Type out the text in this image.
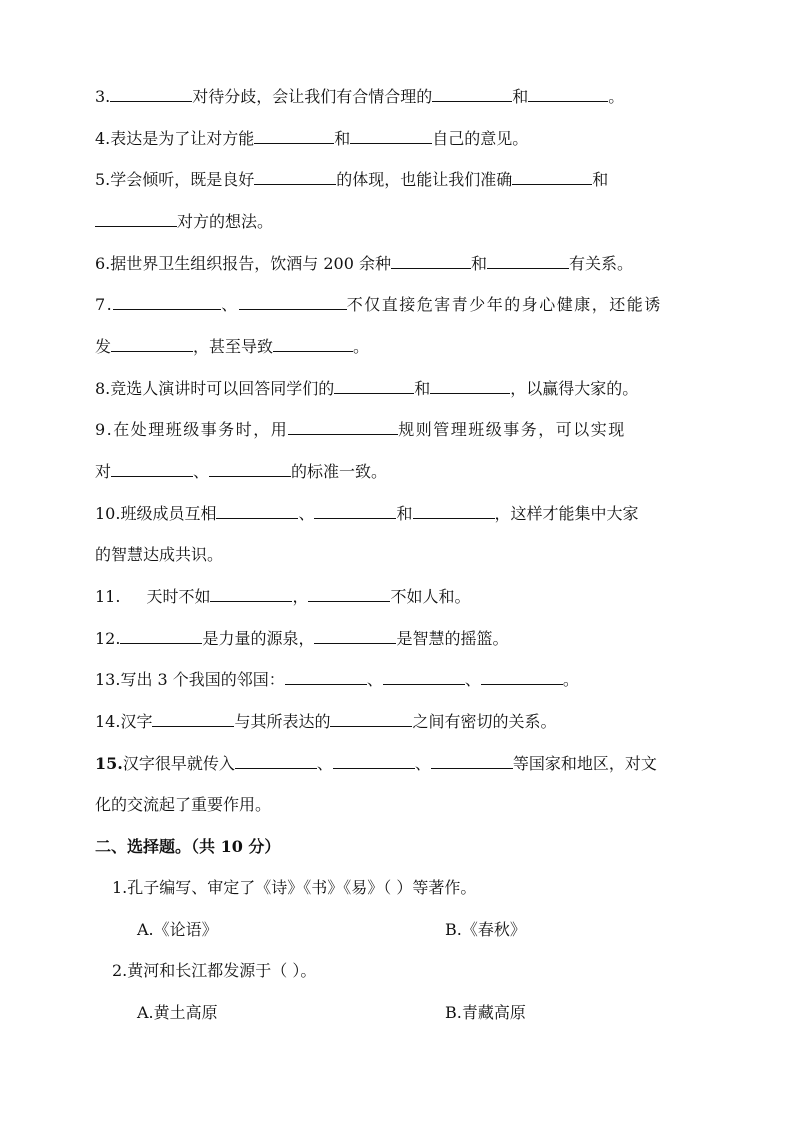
3.	对待分歧，会让我们有合情合理的	和	。
4.表达是为了让对方能	和	自己的意见。
5.学会倾听，既是良好	的体现，也能让我们准确	和
对方的想法。
6.据世界卫生组织报告，饮酒与 200 余种	和	有关系。
7.	、	不仅直接危害青少年的身心健康，还能诱
发	，甚至导致	。
8.竞选人演讲时可以回答同学们的	和	，以赢得大家的。
9.在处理班级事务时，用	规则管理班级事务，可以实现
对	、	的标准一致。
10.班级成员互相	、	和	，这样才能集中大家
的智慧达成共识。
11. 天时不如	，	不如人和。
12.	是力量的源泉，	是智慧的摇篮。
13.写出 3 个我国的邻国：	、	、	。
14.汉字	与其所表达的	之间有密切的关系。
15.汉字很早就传入	、	、	等国家和地区，对文
化的交流起了重要作用。
二、选择题。（共 10 分）
1.孔子编写、审定了《诗》《书》《易》（ ）等著作。
A.《论语》	B.《春秋》
2.黄河和长江都发源于（ ）。
A.黄土高原	B.青藏高原
